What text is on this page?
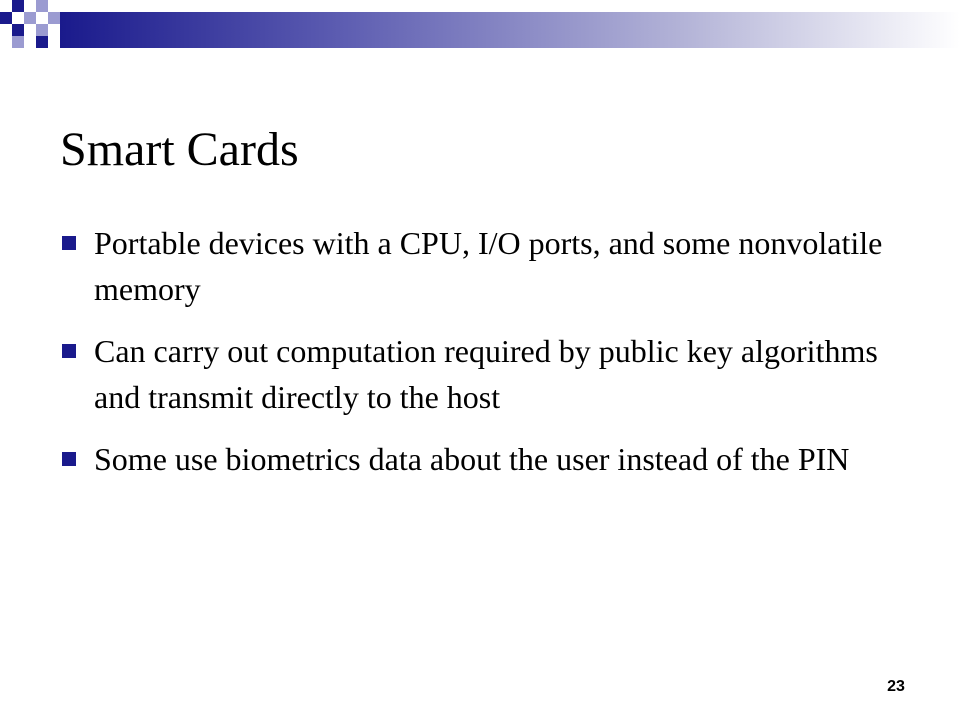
Smart Cards
Portable devices with a CPU, I/O ports, and some nonvolatile memory
Can carry out computation required by public key algorithms and transmit directly to the host
Some use biometrics data about the user instead of the PIN
23
